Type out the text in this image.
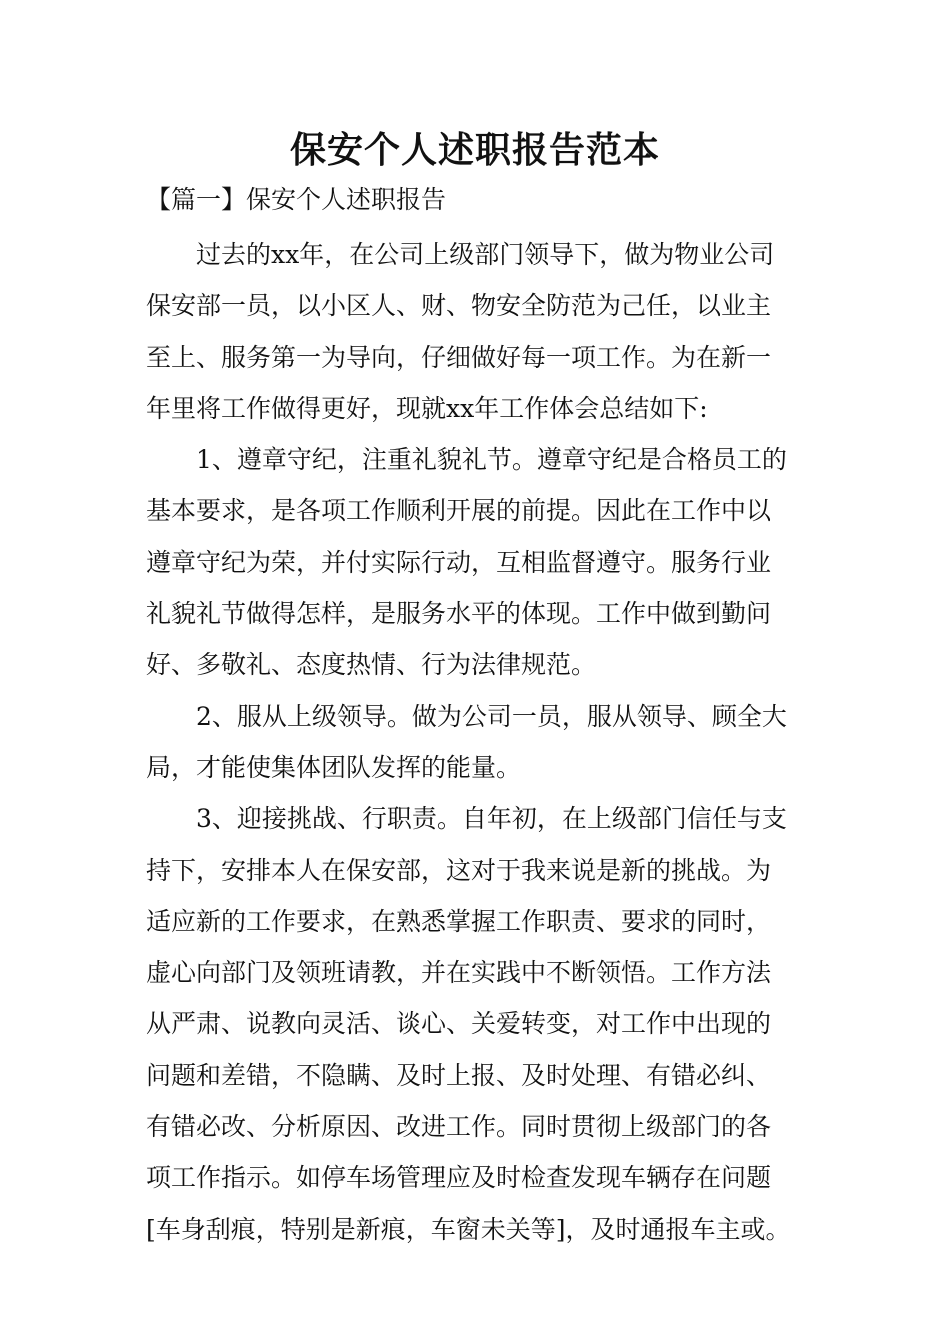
保安个人述职报告范本
【篇一】保安个人述职报告
过去的xx年，在公司上级部门领导下，做为物业公司
保安部一员，以小区人、财、物安全防范为己任，以业主
至上、服务第一为导向，仔细做好每一项工作。为在新一
年里将工作做得更好，现就xx年工作体会总结如下:
1、遵章守纪，注重礼貌礼节。遵章守纪是合格员工的
基本要求，是各项工作顺利开展的前提。因此在工作中以
遵章守纪为荣，并付实际行动，互相监督遵守。服务行业
礼貌礼节做得怎样，是服务水平的体现。工作中做到勤问
好、多敬礼、态度热情、行为法律规范。
2、服从上级领导。做为公司一员，服从领导、顾全大
局，才能使集体团队发挥的能量。
3、迎接挑战、行职责。自年初，在上级部门信任与支
持下，安排本人在保安部，这对于我来说是新的挑战。为
适应新的工作要求，在熟悉掌握工作职责、要求的同时，
虚心向部门及领班请教，并在实践中不断领悟。工作方法
从严肃、说教向灵活、谈心、关爱转变，对工作中出现的
问题和差错，不隐瞒、及时上报、及时处理、有错必纠、
有错必改、分析原因、改进工作。同时贯彻上级部门的各
项工作指示。如停车场管理应及时检查发现车辆存在问题
[车身刮痕，特别是新痕，车窗未关等]，及时通报车主或。
